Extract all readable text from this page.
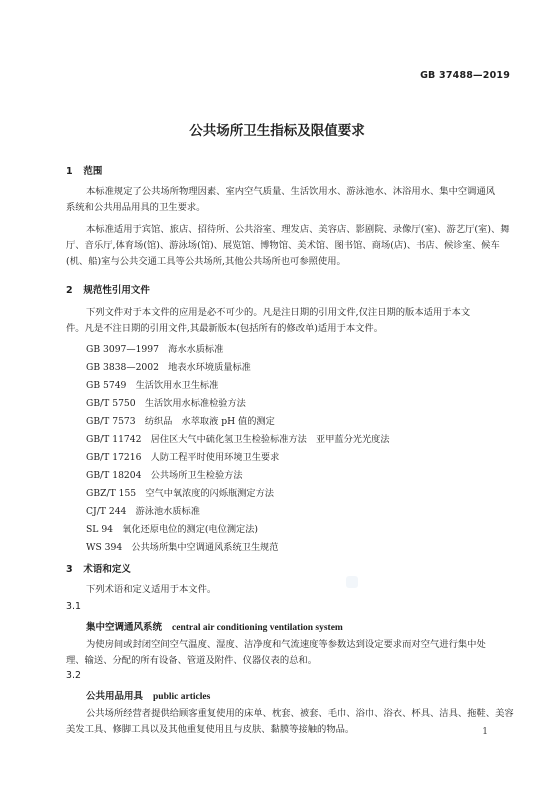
GB 37488—2019
公共场所卫生指标及限值要求
1 范围
本标准规定了公共场所物理因素、室内空气质量、生活饮用水、游泳池水、沐浴用水、集中空调通风
系统和公共用品用具的卫生要求。
本标准适用于宾馆、旅店、招待所、公共浴室、理发店、美容店、影剧院、录像厅(室)、游艺厅(室)、舞
厅、音乐厅,体育场(馆)、游泳场(馆)、展览馆、博物馆、美术馆、图书馆、商场(店)、书店、候诊室、候车
(机、船)室与公共交通工具等公共场所,其他公共场所也可参照使用。
2 规范性引用文件
下列文件对于本文件的应用是必不可少的。凡是注日期的引用文件,仅注日期的版本适用于本文
件。凡是不注日期的引用文件,其最新版本(包括所有的修改单)适用于本文件。
GB 3097—1997　 海水水质标准
GB 3838—2002　 地表水环境质量标准
GB 5749　 生活饮用水卫生标准
GB/T 5750　 生活饮用水标准检验方法
GB/T 7573　 纺织品　水萃取液 pH 值的测定
GB/T 11742　 居住区大气中硫化氢卫生检验标准方法　亚甲蓝分光光度法
GB/T 17216　 人防工程平时使用环境卫生要求
GB/T 18204　 公共场所卫生检验方法
GBZ/T 155　 空气中氧浓度的闪烁瓶测定方法
CJ/T 244　 游泳池水质标准
SL 94　 氧化还原电位的测定(电位测定法)
WS 394　 公共场所集中空调通风系统卫生规范
3 术语和定义
下列术语和定义适用于本文件。
3.1
集中空调通风系统 central air conditioning ventilation system
为使房间或封闭空间空气温度、湿度、洁净度和气流速度等参数达到设定要求而对空气进行集中处
理、输送、分配的所有设备、管道及附件、仪器仪表的总和。
3.2
公共用品用具 public articles
公共场所经营者提供给顾客重复使用的床单、枕套、被套、毛巾、浴巾、浴衣、杯具、洁具、拖鞋、美容
美发工具、修脚工具以及其他重复使用且与皮肤、黏膜等接触的物品。	1
